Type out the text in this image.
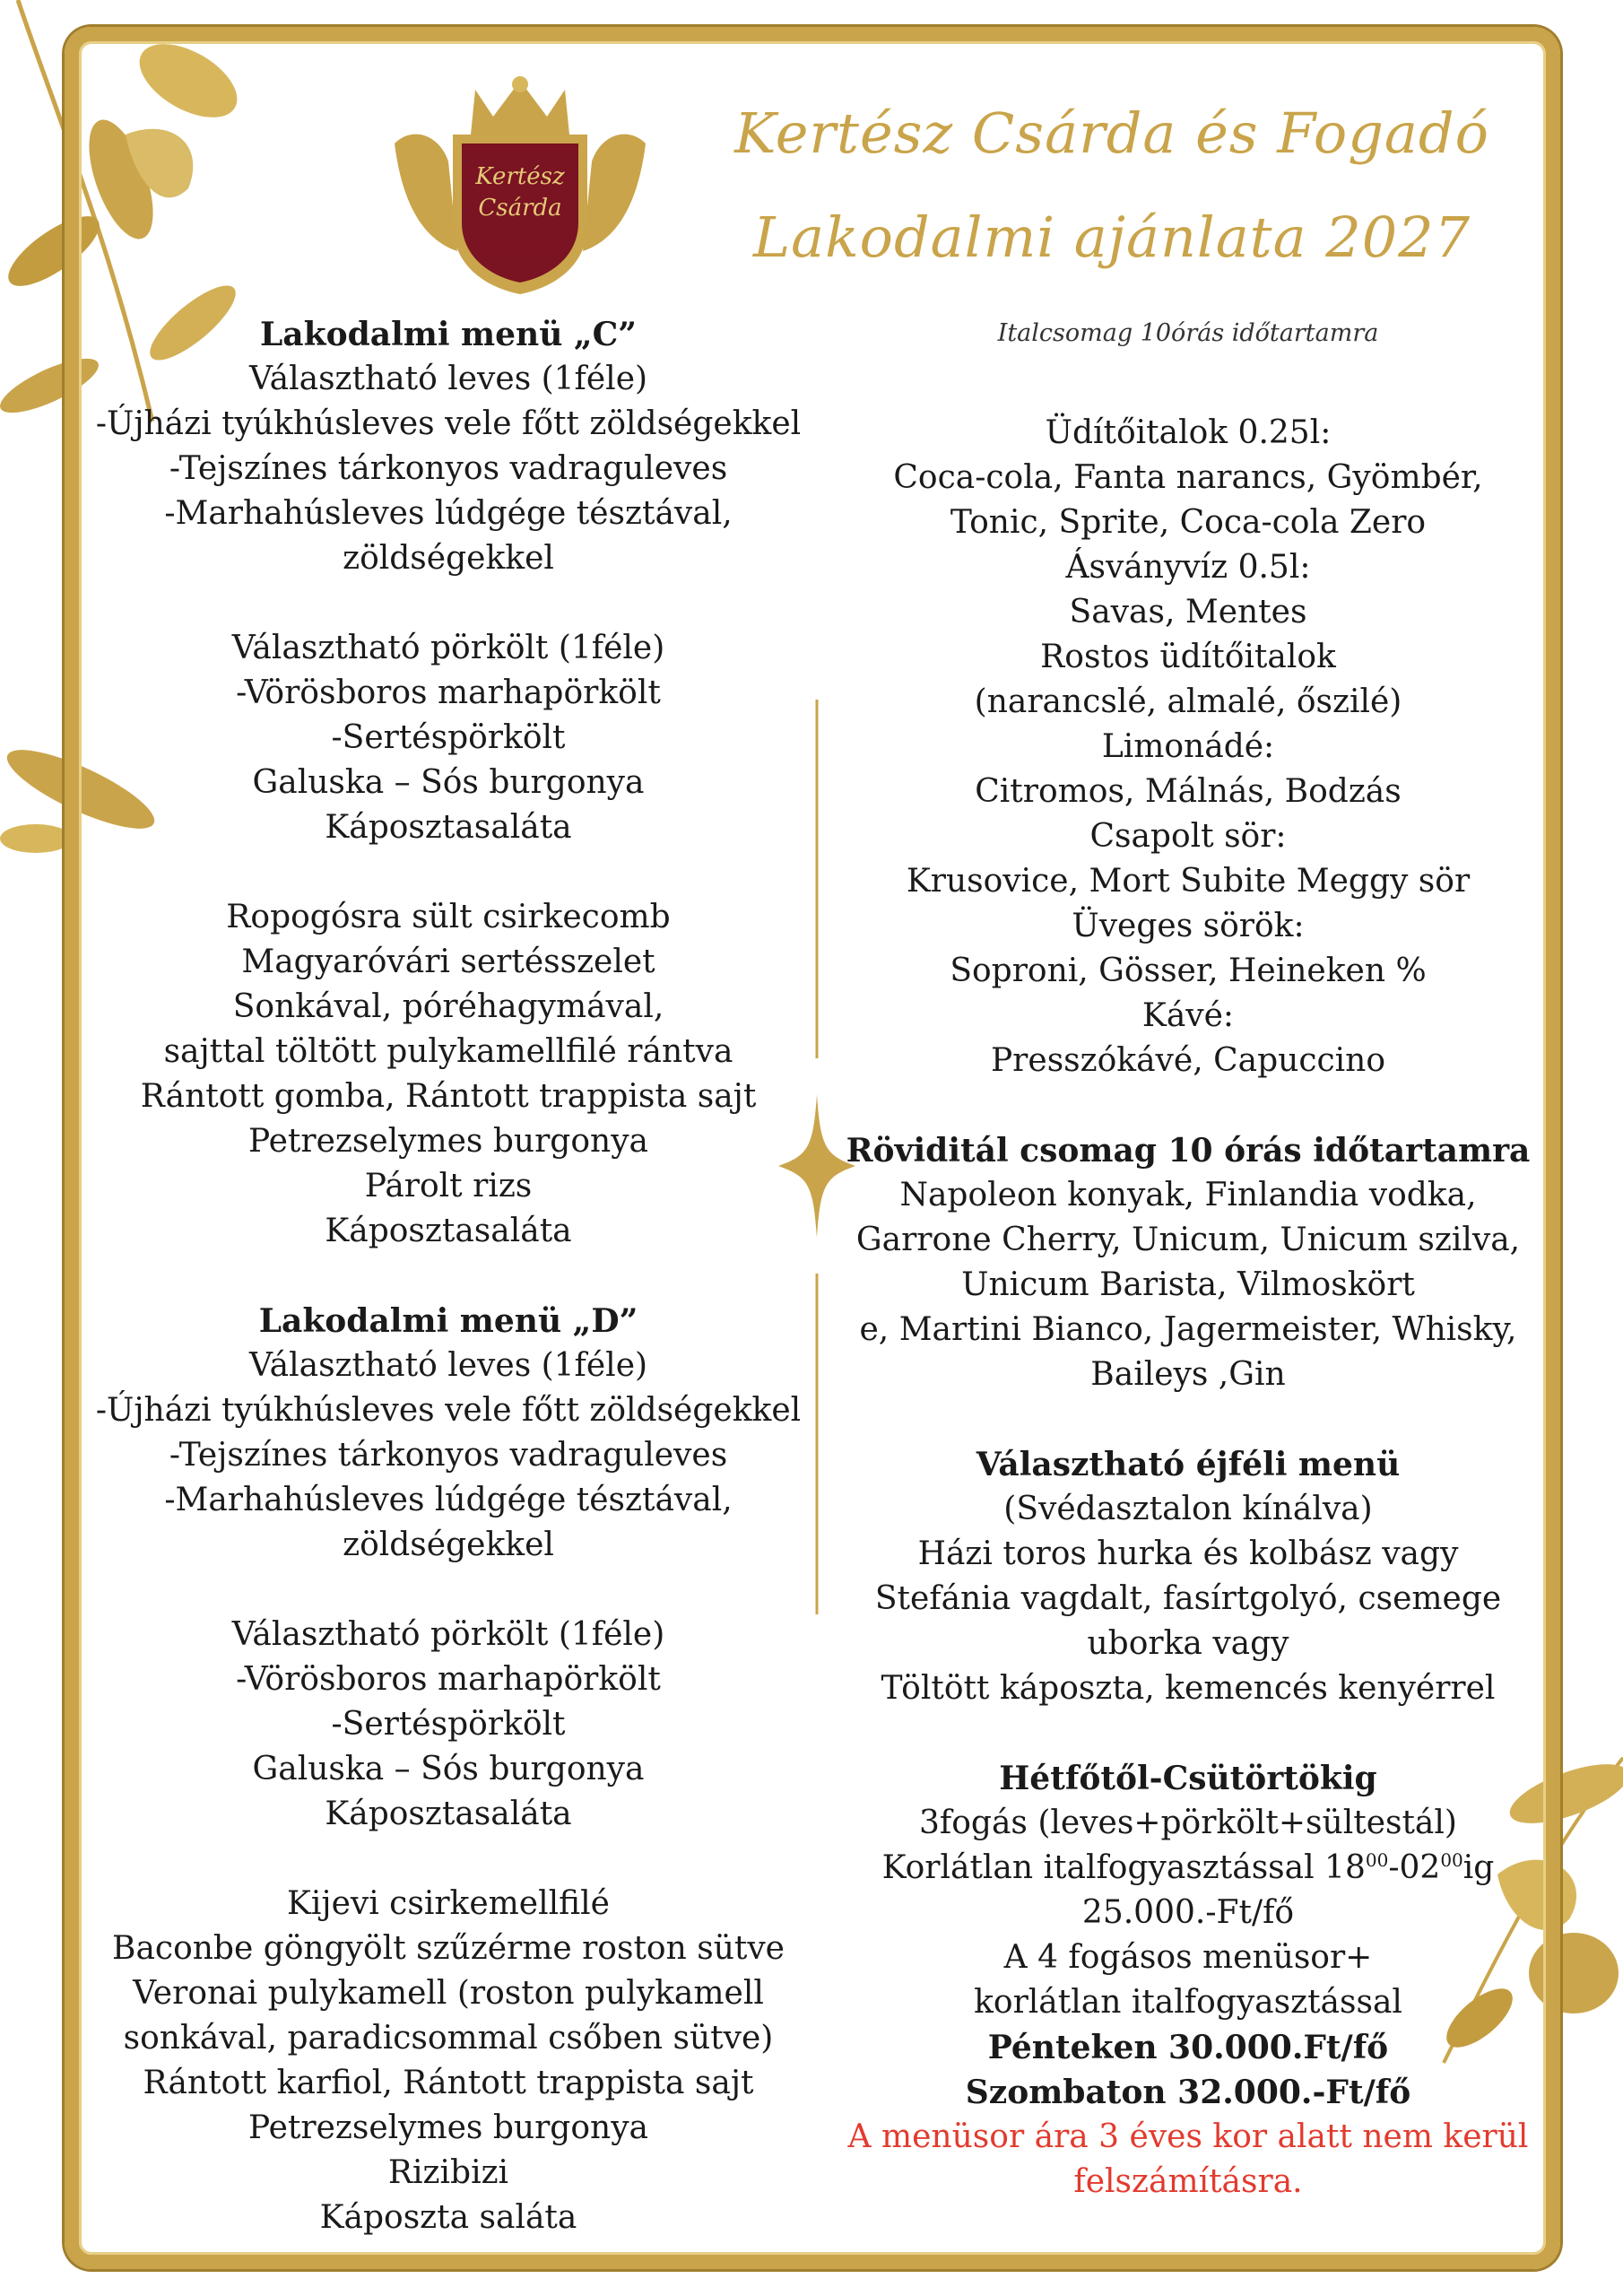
Kertész
Csárda
Fogadó
Kertész Csárda és Fogadó
Lakodalmi ajánlata 2027
Italcsomag 10órás időtartamra
Lakodalmi menü „C”
Választható leves (1féle)
-Újházi tyúkhúsleves vele főtt zöldségekkel
-Tejszínes tárkonyos vadraguleves
-Marhahúsleves lúdgége tésztával,
zöldségekkel
Választható pörkölt (1féle)
-Vörösboros marhapörkölt
-Sertéspörkölt
Galuska – Sós burgonya
Káposztasaláta
Ropogósra sült csirkecomb
Magyaróvári sertésszelet
Sonkával, póréhagymával,
sajttal töltött pulykamellfilé rántva
Rántott gomba, Rántott trappista sajt
Petrezselymes burgonya
Párolt rizs
Káposztasaláta
Lakodalmi menü „D”
Választható leves (1féle)
-Újházi tyúkhúsleves vele főtt zöldségekkel
-Tejszínes tárkonyos vadraguleves
-Marhahúsleves lúdgége tésztával,
zöldségekkel
Választható pörkölt (1féle)
-Vörösboros marhapörkölt
-Sertéspörkölt
Galuska – Sós burgonya
Káposztasaláta
Kijevi csirkemellfilé
Baconbe göngyölt szűzérme roston sütve
Veronai pulykamell (roston pulykamell
sonkával, paradicsommal csőben sütve)
Rántott karfiol, Rántott trappista sajt
Petrezselymes burgonya
Rizibizi
Káposzta saláta
Üdítőitalok 0.25l:
Coca-cola, Fanta narancs, Gyömbér,
Tonic, Sprite, Coca-cola Zero
Ásványvíz 0.5l:
Savas, Mentes
Rostos üdítőitalok
(narancslé, almalé, őszilé)
Limonádé:
Citromos, Málnás, Bodzás
Csapolt sör:
Krusovice, Mort Subite Meggy sör
Üveges sörök:
Soproni, Gösser, Heineken %
Kávé:
Presszókávé, Capuccino
Röviditál csomag 10 órás időtartamra
Napoleon konyak, Finlandia vodka,
Garrone Cherry, Unicum, Unicum szilva,
Unicum Barista, Vilmoskört
e, Martini Bianco, Jagermeister, Whisky,
Baileys ,Gin
Választható éjféli menü
(Svédasztalon kínálva)
Házi toros hurka és kolbász vagy
Stefánia vagdalt, fasírtgolyó, csemege
uborka vagy
Töltött káposzta, kemencés kenyérrel
Hétfőtől-Csütörtökig
3fogás (leves+pörkölt+sültestál)
Korlátlan italfogyasztással $18^{00}-02^{00}ig$
25.000.-Ft/fő
A 4 fogásos menüsor+
korlátlan italfogyasztással
Pénteken 30.000.Ft/fő
Szombaton 32.000.-Ft/fő
A menüsor ára 3 éves kor alatt nem kerül
felszámításra.
